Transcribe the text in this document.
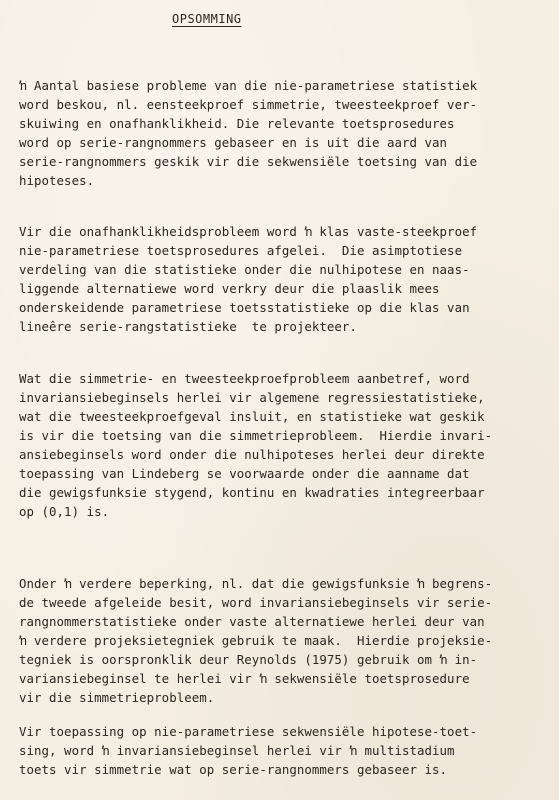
OPSOMMING

ŉ Aantal basiese probleme van die nie-parametriese statistiek
word beskou, nl. eensteekproef simmetrie, tweesteekproef ver-
skuiwing en onafhanklikheid. Die relevante toetsprosedures
word op serie-rangnommers gebaseer en is uit die aard van
serie-rangnommers geskik vir die sekwensiële toetsing van die
hipoteses.

Vir die onafhanklikheidsprobleem word ŉ klas vaste-steekproef
nie-parametriese toetsprosedures afgelei.  Die asimptotiese
verdeling van die statistieke onder die nulhipotese en naas-
liggende alternatiewe word verkry deur die plaaslik mees
onderskeidende parametriese toetsstatistieke op die klas van
lineêre serie-rangstatistieke  te projekteer.

Wat die simmetrie- en tweesteekproefprobleem aanbetref, word
invariansiebeginsels herlei vir algemene regressiestatistieke,
wat die tweesteekproefgeval insluit, en statistieke wat geskik
is vir die toetsing van die simmetrieprobleem.  Hierdie invari-
ansiebeginsels word onder die nulhipoteses herlei deur direkte
toepassing van Lindeberg se voorwaarde onder die aanname dat
die gewigsfunksie stygend, kontinu en kwadraties integreerbaar
op (0,1) is.

Onder ŉ verdere beperking, nl. dat die gewigsfunksie ŉ begrens-
de tweede afgeleide besit, word invariansiebeginsels vir serie-
rangnommerstatistieke onder vaste alternatiewe herlei deur van
ŉ verdere projeksietegniek gebruik te maak.  Hierdie projeksie-
tegniek is oorspronklik deur Reynolds (1975) gebruik om ŉ in-
variansiebeginsel te herlei vir ŉ sekwensiële toetsprosedure
vir die simmetrieprobleem.

Vir toepassing op nie-parametriese sekwensiële hipotese-toet-
sing, word ŉ invariansiebeginsel herlei vir ŉ multistadium
toets vir simmetrie wat op serie-rangnommers gebaseer is.
